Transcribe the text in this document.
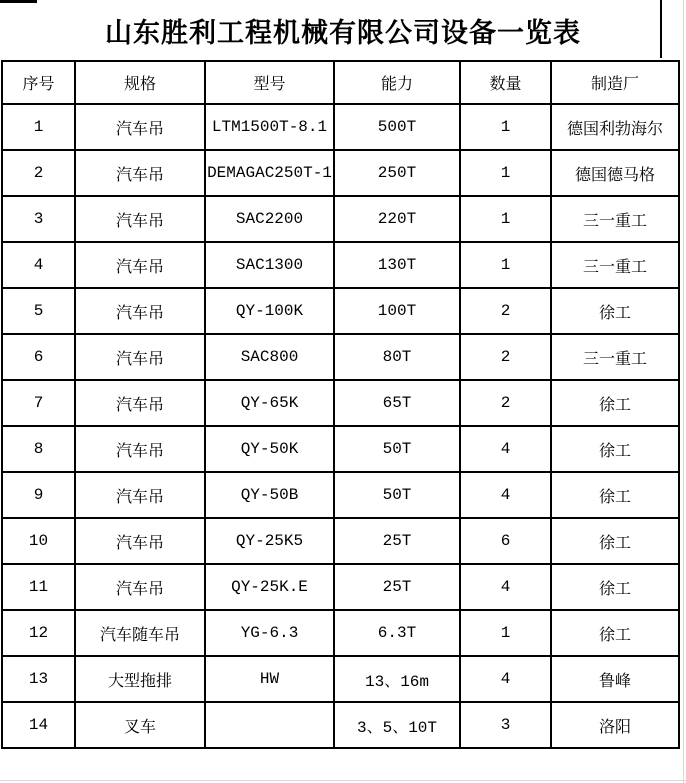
山东胜利工程机械有限公司设备一览表
序号	规格	型号	能力	数量	制造厂
1	汽车吊	LTM1500T-8.1	500T	1	德国利勃海尔
2	汽车吊	DEMAGAC250T-1	250T	1	德国德马格
3	汽车吊	SAC2200	220T	1	三一重工
4	汽车吊	SAC1300	130T	1	三一重工
5	汽车吊	QY-100K	100T	2	徐工
6	汽车吊	SAC800	80T	2	三一重工
7	汽车吊	QY-65K	65T	2	徐工
8	汽车吊	QY-50K	50T	4	徐工
9	汽车吊	QY-50B	50T	4	徐工
10	汽车吊	QY-25K5	25T	6	徐工
11	汽车吊	QY-25K.E	25T	4	徐工
12	汽车随车吊	YG-6.3	6.3T	1	徐工
13	大型拖排	HW	13、16m	4	鲁峰
14	叉车		3、5、10T	3	洛阳
